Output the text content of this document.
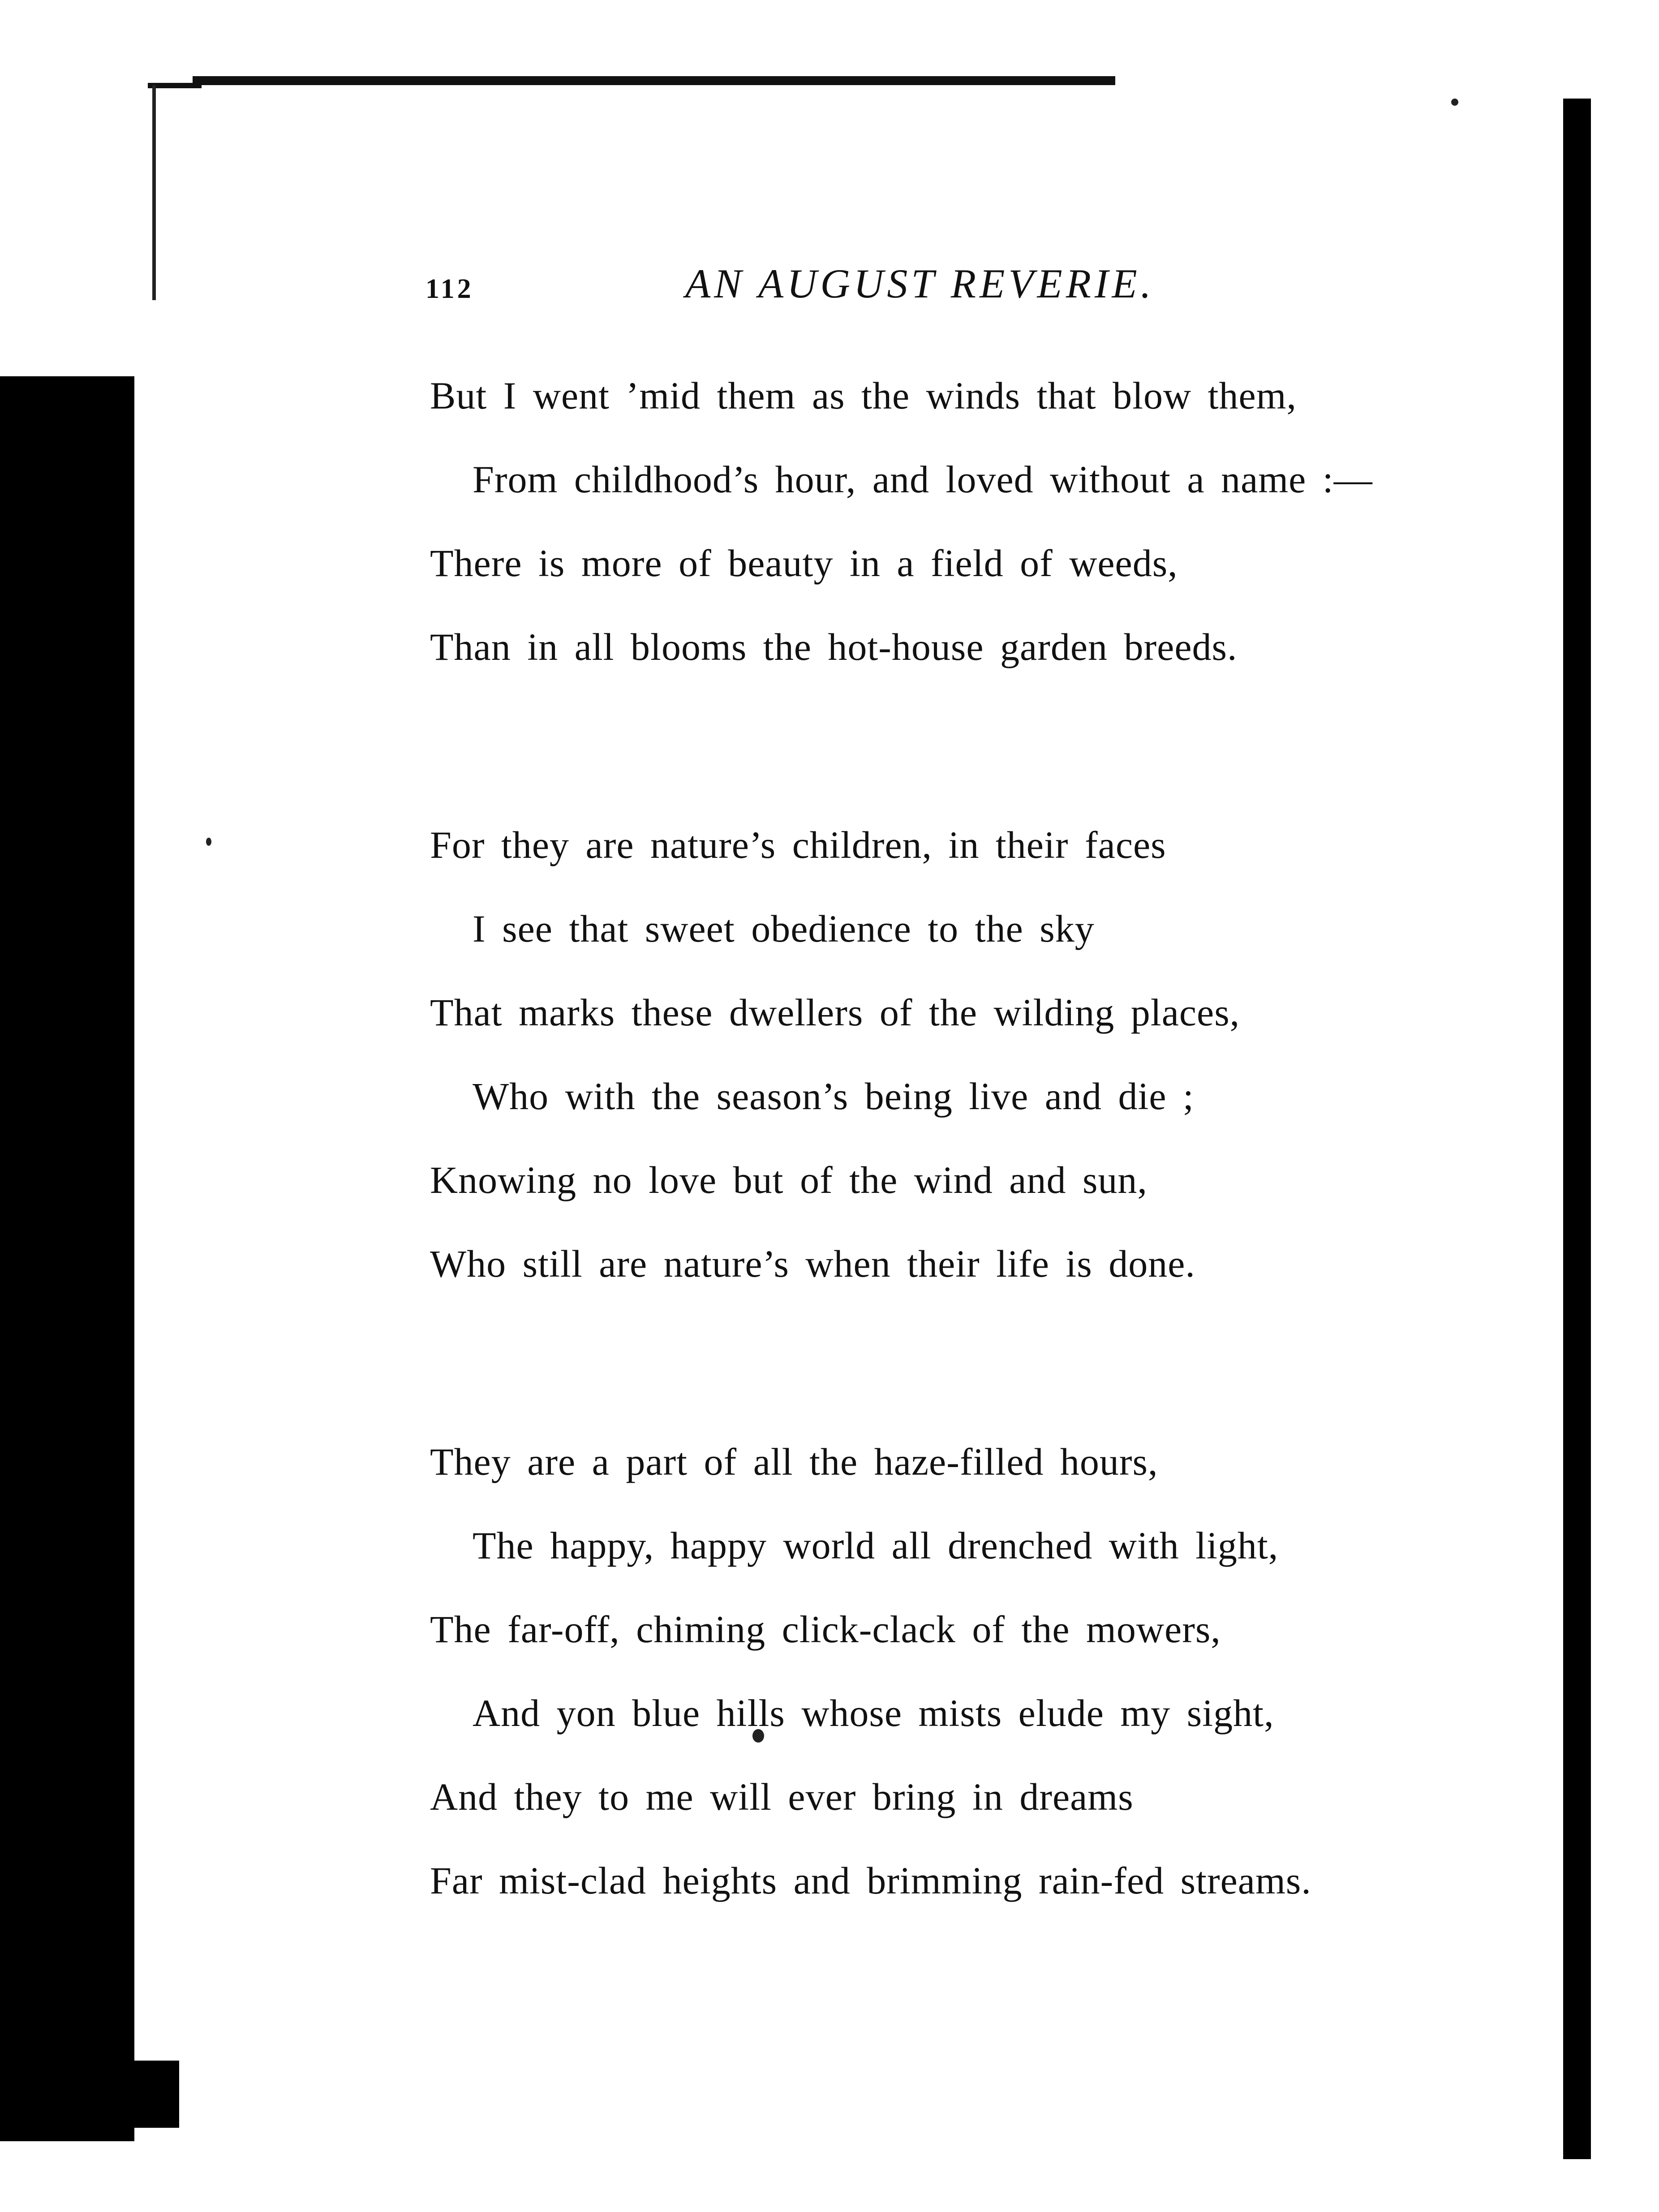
112	AN AUGUST REVERIE.

But I went ’mid them as the winds that blow them,
From childhood’s hour, and loved without a name :—
There is more of beauty in a field of weeds,
Than in all blooms the hot-house garden breeds.

For they are nature’s children, in their faces
I see that sweet obedience to the sky
That marks these dwellers of the wilding places,
Who with the season’s being live and die ;
Knowing no love but of the wind and sun,
Who still are nature’s when their life is done.

They are a part of all the haze-filled hours,
The happy, happy world all drenched with light,
The far-off, chiming click-clack of the mowers,
And yon blue hills whose mists elude my sight,
And they to me will ever bring in dreams
Far mist-clad heights and brimming rain-fed streams.
